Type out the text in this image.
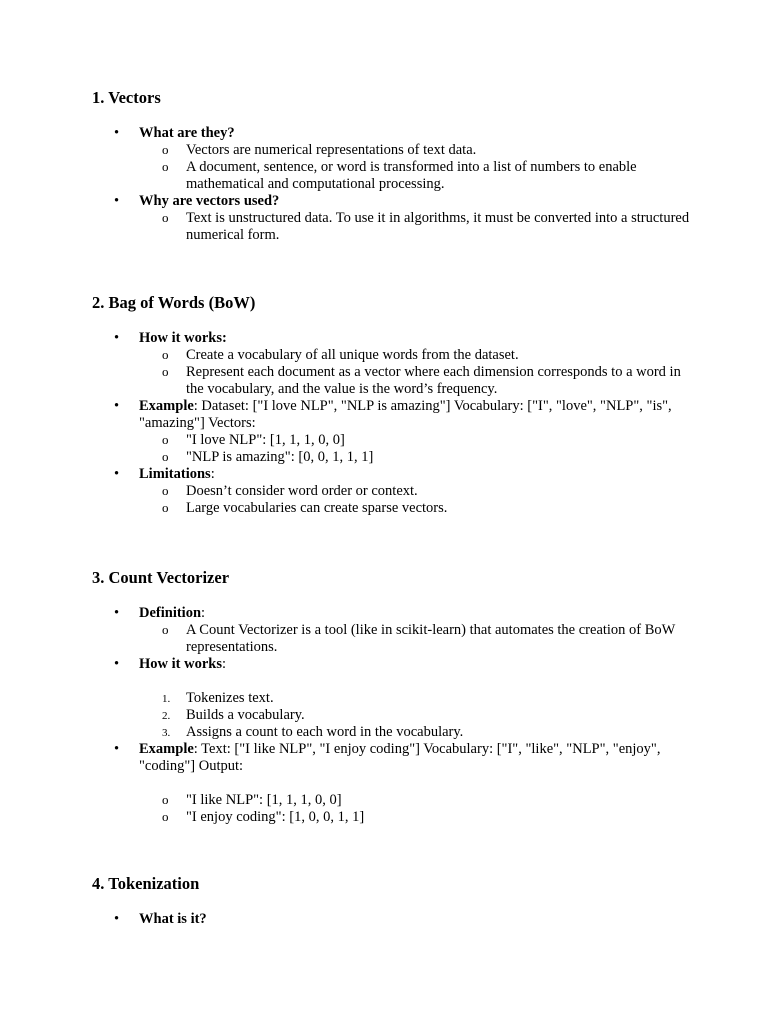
1. Vectors
• What are they?
o Vectors are numerical representations of text data.
o A document, sentence, or word is transformed into a list of numbers to enable mathematical and computational processing.
• Why are vectors used?
o Text is unstructured data. To use it in algorithms, it must be converted into a structured numerical form.
2. Bag of Words (BoW)
• How it works:
o Create a vocabulary of all unique words from the dataset.
o Represent each document as a vector where each dimension corresponds to a word in the vocabulary, and the value is the word’s frequency.
• Example: Dataset: ["I love NLP", "NLP is amazing"] Vocabulary: ["I", "love", "NLP", "is", "amazing"] Vectors:
o "I love NLP": [1, 1, 1, 0, 0]
o "NLP is amazing": [0, 0, 1, 1, 1]
• Limitations:
o Doesn’t consider word order or context.
o Large vocabularies can create sparse vectors.
3. Count Vectorizer
• Definition:
o A Count Vectorizer is a tool (like in scikit-learn) that automates the creation of BoW representations.
• How it works:
1. Tokenizes text.
2. Builds a vocabulary.
3. Assigns a count to each word in the vocabulary.
• Example: Text: ["I like NLP", "I enjoy coding"] Vocabulary: ["I", "like", "NLP", "enjoy", "coding"] Output:
o "I like NLP": [1, 1, 1, 0, 0]
o "I enjoy coding": [1, 0, 0, 1, 1]
4. Tokenization
• What is it?
